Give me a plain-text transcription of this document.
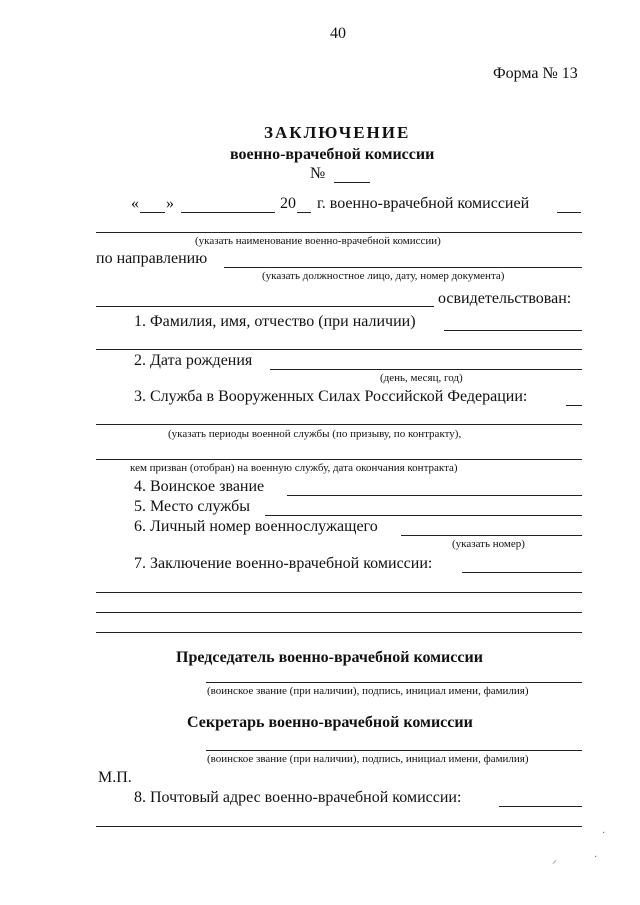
40
Форма № 13
ЗАКЛЮЧЕНИЕ
военно-врачебной комиссии
№
« »	20 г. военно-врачебной комиссией
(указать наименование военно-врачебной комиссии)
по направлению
(указать должностное лицо, дату, номер документа)
освидетельствован:
1. Фамилия, имя, отчество (при наличии)
2. Дата рождения
(день, месяц, год)
3. Служба в Вооруженных Силах Российской Федерации:
(указать периоды военной службы (по призыву, по контракту),
кем призван (отобран) на военную службу, дата окончания контракта)
4. Воинское звание
5. Место службы
6. Личный номер военнослужащего
(указать номер)
7. Заключение военно-врачебной комиссии:
Председатель военно-врачебной комиссии
(воинское звание (при наличии), подпись, инициал имени, фамилия)
Секретарь военно-врачебной комиссии
(воинское звание (при наличии), подпись, инициал имени, фамилия)
М.П.
8. Почтовый адрес военно-врачебной комиссии:
·
⸝	·
